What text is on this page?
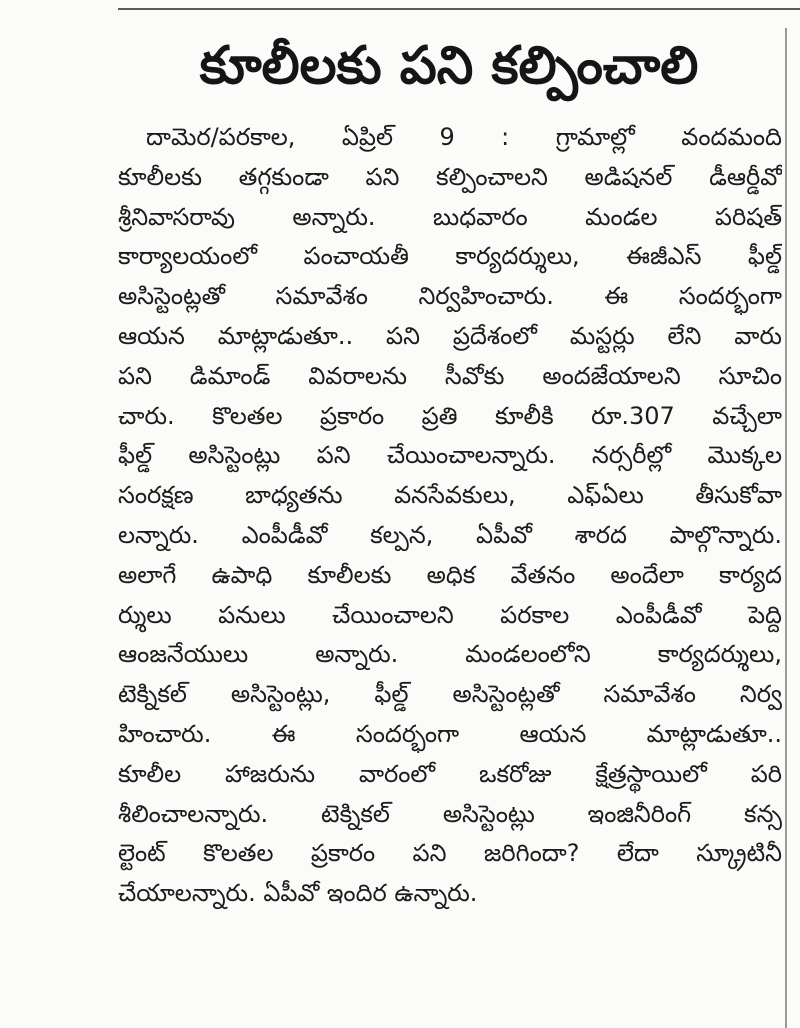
కూలీలకు పని కల్పించాలి
దామెర/పరకాల, ఏప్రిల్ 9 : గ్రామాల్లో వందమంది
కూలీలకు తగ్గకుండా పని కల్పించాలని అడిషనల్ డీఆర్డీవో
శ్రీనివాసరావు అన్నారు. బుధవారం మండల పరిషత్
కార్యాలయంలో పంచాయతీ కార్యదర్శులు, ఈజీఎస్ ఫీల్డ్
అసిస్టెంట్లతో సమావేశం నిర్వహించారు. ఈ సందర్భంగా
ఆయన మాట్లాడుతూ.. పని ప్రదేశంలో మస్టర్లు లేని వారు
పని డిమాండ్ వివరాలను సీవోకు అందజేయాలని సూచిం
చారు. కొలతల ప్రకారం ప్రతి కూలీకి రూ.307 వచ్చేలా
ఫీల్డ్ అసిస్టెంట్లు పని చేయించాలన్నారు. నర్సరీల్లో మొక్కల
సంరక్షణ బాధ్యతను వనసేవకులు, ఎఫ్ఏలు తీసుకోవా
లన్నారు. ఎంపీడీవో కల్పన, ఏపీవో శారద పాల్గొన్నారు.
అలాగే ఉపాధి కూలీలకు అధిక వేతనం అందేలా కార్యద
ర్శులు పనులు చేయించాలని పరకాల ఎంపీడీవో పెద్ది
ఆంజనేయులు అన్నారు. మండలంలోని కార్యదర్శులు,
టెక్నికల్ అసిస్టెంట్లు, ఫీల్డ్ అసిస్టెంట్లతో సమావేశం నిర్వ
హించారు. ఈ సందర్భంగా ఆయన మాట్లాడుతూ..
కూలీల హాజరును వారంలో ఒకరోజు క్షేత్రస్థాయిలో పరి
శీలించాలన్నారు. టెక్నికల్ అసిస్టెంట్లు ఇంజినీరింగ్ కన్స
ల్టెంట్ కొలతల ప్రకారం పని జరిగిందా? లేదా స్క్రూటినీ
చేయాలన్నారు. ఏపీవో ఇందిర ఉన్నారు.
